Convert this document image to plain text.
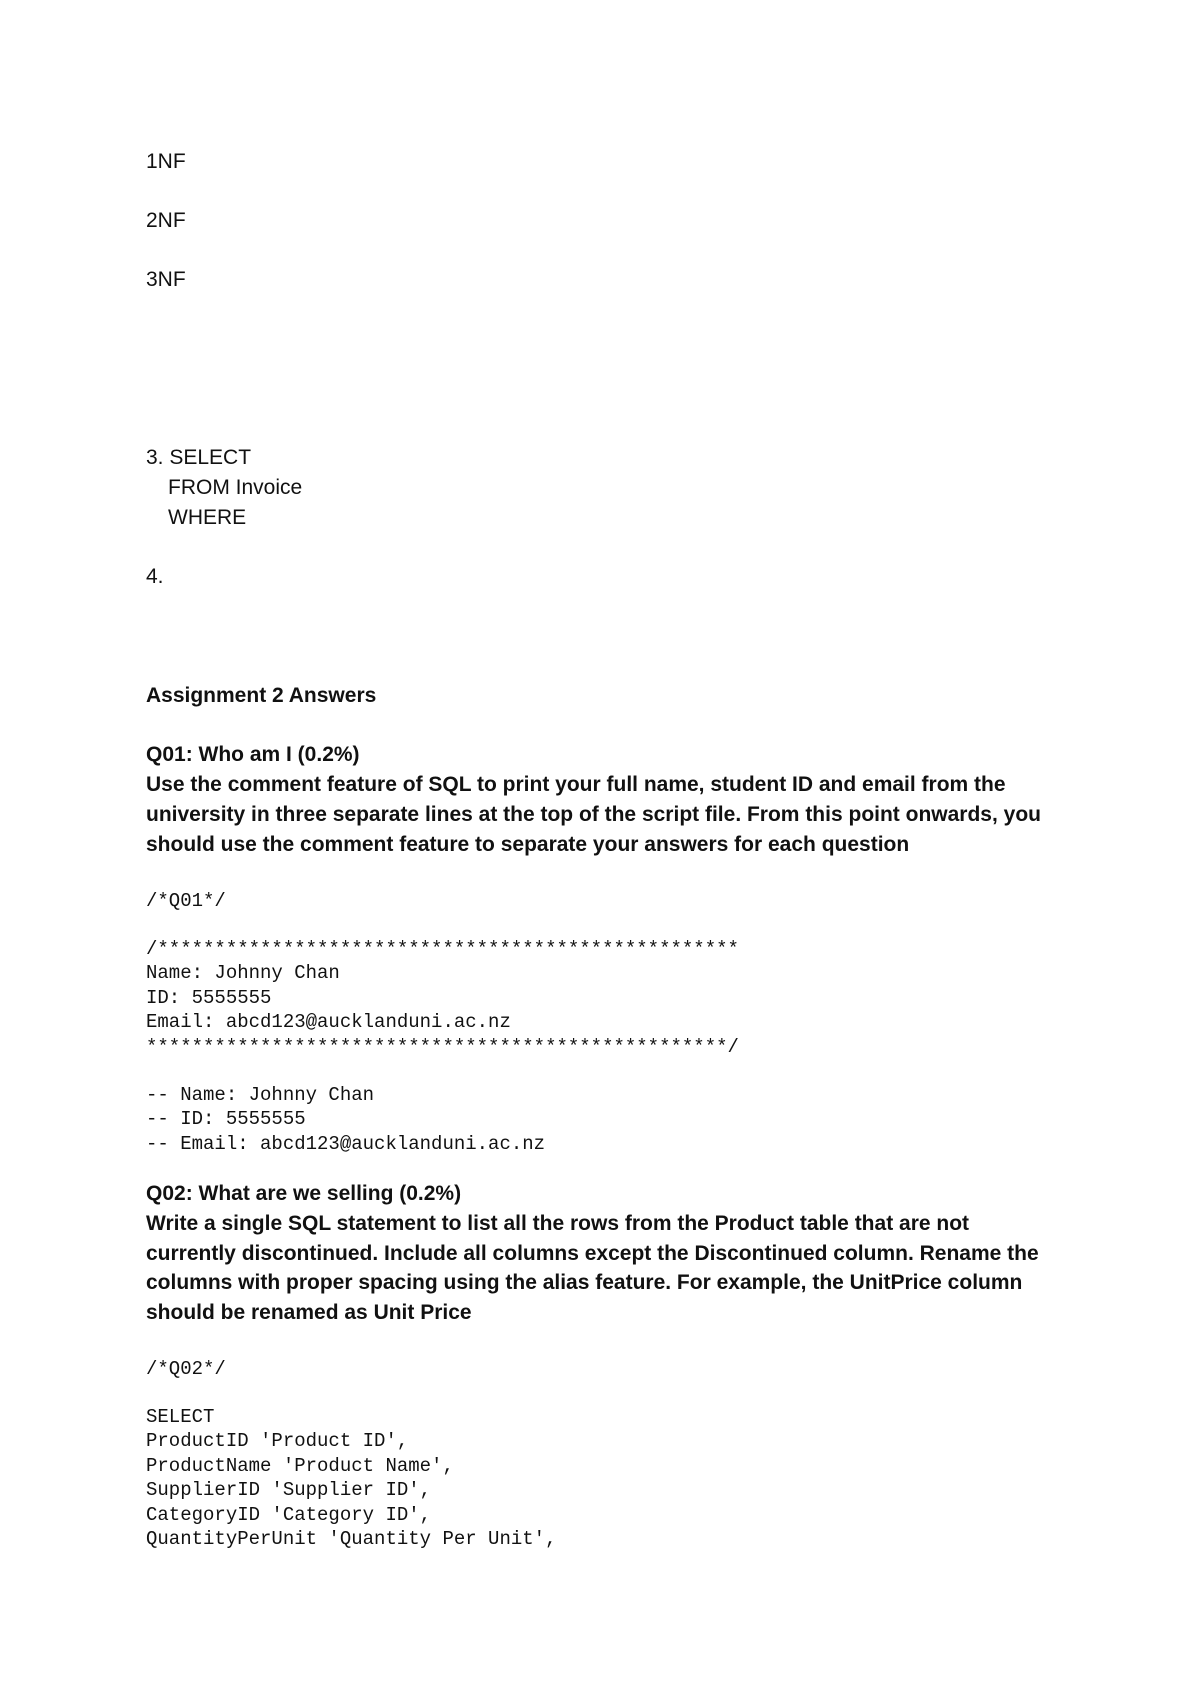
1NF
2NF
3NF
3. SELECT
FROM Invoice
WHERE
4.
Assignment 2 Answers
Q01: Who am I (0.2%)
Use the comment feature of SQL to print your full name, student ID and email from the
university in three separate lines at the top of the script file. From this point onwards, you
should use the comment feature to separate your answers for each question
/*Q01*/
/***************************************************
Name: Johnny Chan
ID: 5555555
Email: abcd123@aucklanduni.ac.nz
***************************************************/
-- Name: Johnny Chan
-- ID: 5555555
-- Email: abcd123@aucklanduni.ac.nz
Q02: What are we selling (0.2%)
Write a single SQL statement to list all the rows from the Product table that are not
currently discontinued. Include all columns except the Discontinued column. Rename the
columns with proper spacing using the alias feature. For example, the UnitPrice column
should be renamed as Unit Price
/*Q02*/
SELECT
ProductID 'Product ID',
ProductName 'Product Name',
SupplierID 'Supplier ID',
CategoryID 'Category ID',
QuantityPerUnit 'Quantity Per Unit',
